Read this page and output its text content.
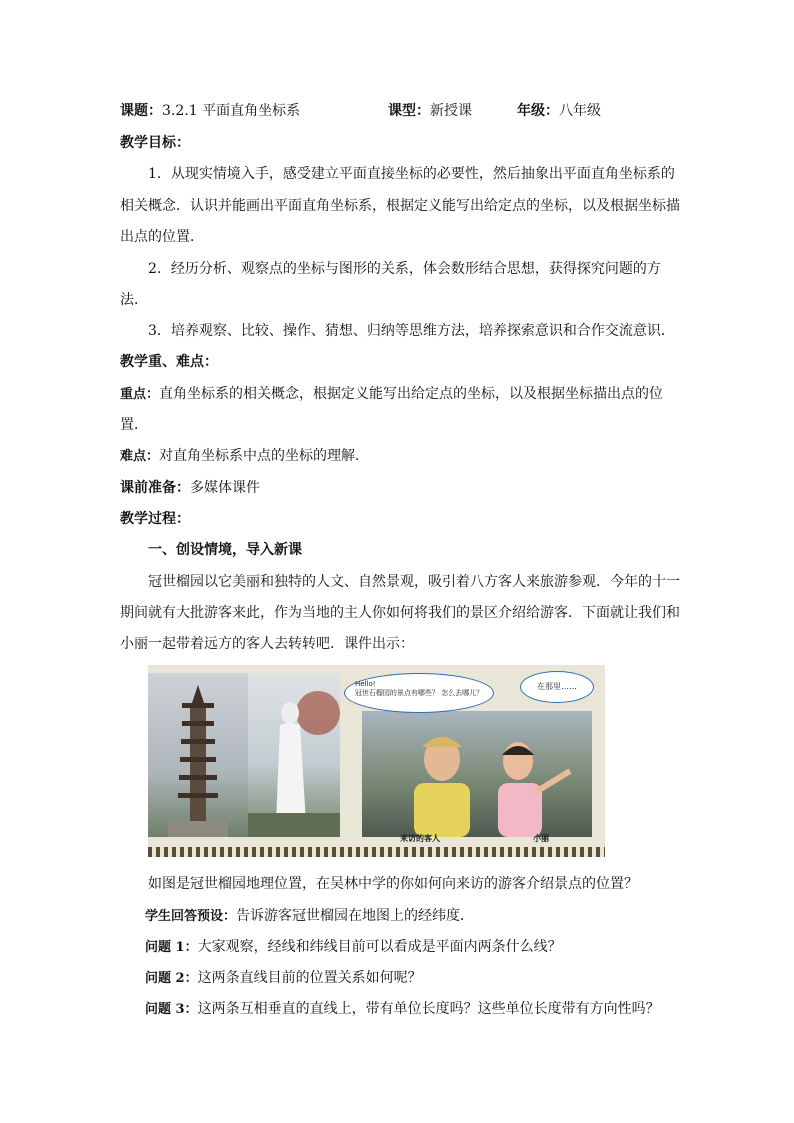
课题：3.2.1 平面直角坐标系	课型：新授课	年级：八年级
教学目标：
1．从现实情境入手，感受建立平面直接坐标的必要性，然后抽象出平面直角坐标系的
相关概念．认识并能画出平面直角坐标系，根据定义能写出给定点的坐标，以及根据坐标描
出点的位置．
2．经历分析、观察点的坐标与图形的关系，体会数形结合思想，获得探究问题的方
法．
3．培养观察、比较、操作、猜想、归纳等思维方法，培养探索意识和合作交流意识．
教学重、难点：
重点：直角坐标系的相关概念，根据定义能写出给定点的坐标，以及根据坐标描出点的位
置．
难点：对直角坐标系中点的坐标的理解．
课前准备：多媒体课件
教学过程：
一、创设情境，导入新课
冠世榴园以它美丽和独特的人文、自然景观，吸引着八方客人来旅游参观．今年的十一
期间就有大批游客来此，作为当地的主人你如何将我们的景区介绍给游客．下面就让我们和
小丽一起带着远方的客人去转转吧．课件出示：
Hello!
冠世石榴园的景点有哪些？ 怎么去哪儿？
在那里……
来访的客人	小丽
如图是冠世榴园地理位置，在吴林中学的你如何向来访的游客介绍景点的位置？
学生回答预设：告诉游客冠世榴园在地图上的经纬度．
问题 1：大家观察，经线和纬线目前可以看成是平面内两条什么线？
问题 2：这两条直线目前的位置关系如何呢？
问题 3：这两条互相垂直的直线上，带有单位长度吗？这些单位长度带有方向性吗？
